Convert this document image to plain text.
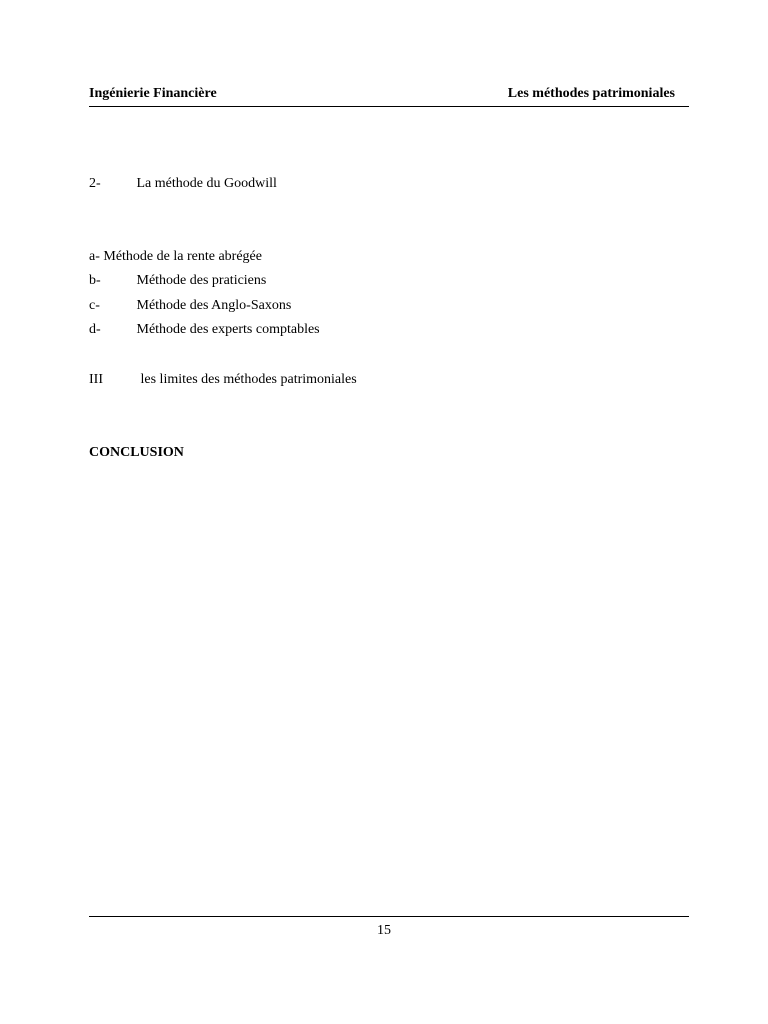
Ingénierie Financière	Les méthodes patrimoniales
2-	La méthode du Goodwill
a- Méthode de la rente abrégée
b-	Méthode des praticiens
c-	Méthode des Anglo-Saxons
d-	Méthode des experts comptables
III	les limites des méthodes patrimoniales
CONCLUSION
15
